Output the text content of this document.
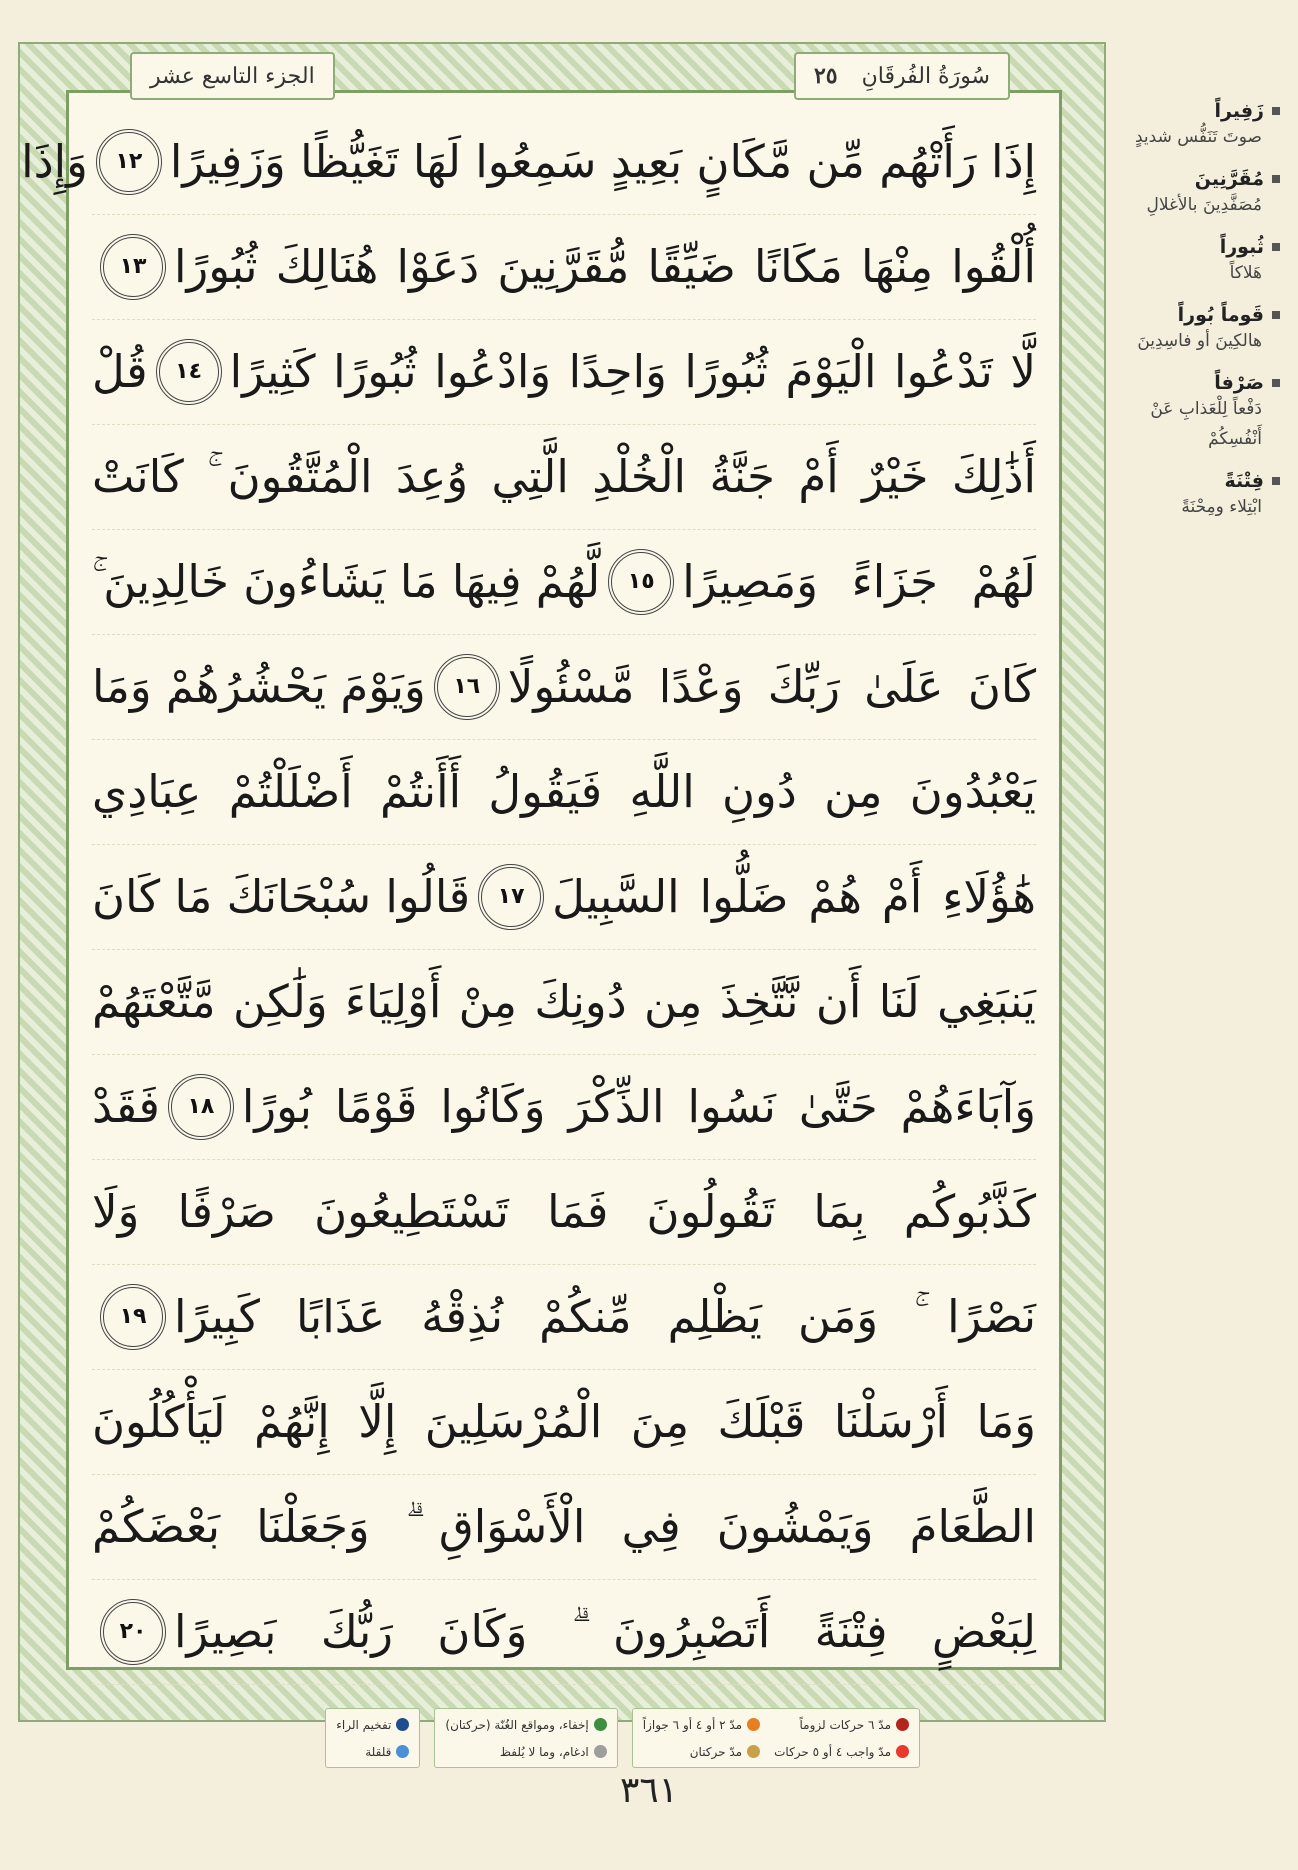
الجزء التاسع عشر	سُورَةُ الفُرقَانِ
٢٥
إِذَا رَأَتْهُم مِّن مَّكَانٍ بَعِيدٍ سَمِعُوا لَهَا تَغَيُّظًا وَزَفِيرًا
١٢
وَإِذَا
أُلْقُوا مِنْهَا مَكَانًا ضَيِّقًا مُّقَرَّنِينَ دَعَوْا هُنَالِكَ ثُبُورًا
١٣
لَّا تَدْعُوا الْيَوْمَ ثُبُورًا وَاحِدًا وَادْعُوا ثُبُورًا كَثِيرًا
١٤
قُلْ
أَذَٰلِكَ خَيْرٌ أَمْ جَنَّةُ الْخُلْدِ الَّتِي وُعِدَ الْمُتَّقُونَ ۚ كَانَتْ
لَهُمْ جَزَاءً وَمَصِيرًا
١٥
لَّهُمْ فِيهَا مَا يَشَاءُونَ خَالِدِينَ ۚ
كَانَ عَلَىٰ رَبِّكَ وَعْدًا مَّسْئُولًا
١٦
وَيَوْمَ يَحْشُرُهُمْ وَمَا
يَعْبُدُونَ مِن دُونِ اللَّهِ فَيَقُولُ أَأَنتُمْ أَضْلَلْتُمْ عِبَادِي
هَٰؤُلَاءِ أَمْ هُمْ ضَلُّوا السَّبِيلَ
١٧
قَالُوا سُبْحَانَكَ مَا كَانَ
يَنبَغِي لَنَا أَن نَّتَّخِذَ مِن دُونِكَ مِنْ أَوْلِيَاءَ وَلَٰكِن مَّتَّعْتَهُمْ
وَآبَاءَهُمْ حَتَّىٰ نَسُوا الذِّكْرَ وَكَانُوا قَوْمًا بُورًا
١٨
فَقَدْ
كَذَّبُوكُم بِمَا تَقُولُونَ فَمَا تَسْتَطِيعُونَ صَرْفًا وَلَا
نَصْرًا ۚ وَمَن يَظْلِم مِّنكُمْ نُذِقْهُ عَذَابًا كَبِيرًا
١٩
وَمَا أَرْسَلْنَا قَبْلَكَ مِنَ الْمُرْسَلِينَ إِلَّا إِنَّهُمْ لَيَأْكُلُونَ
الطَّعَامَ وَيَمْشُونَ فِي الْأَسْوَاقِ ۗ وَجَعَلْنَا بَعْضَكُمْ
لِبَعْضٍ فِتْنَةً أَتَصْبِرُونَ ۗ وَكَانَ رَبُّكَ بَصِيرًا
٢٠
زَفِيراً
صوتَ تَنَفُّس شديدٍ
مُقَرَّنِينَ
مُصَفَّدِينَ بالأغلالِ
ثُبوراً
هَلاكاً
قَوماً بُوراً
هالكِينَ أو فاسِدِينَ
صَرْفاً
دَفْعاً لِلْعَذابِ عَنْ أَنْفُسِكُمْ
فِتْنَةً
ابْتِلاء ومِحْنَةً
مدّ ٦ حركات لزوماً
مدّ ٢ أو ٤ أو ٦ جوازاً
مدّ واجب ٤ أو ٥ حركات
مدّ حركتان
إخفاء، ومواقع الغُنّة (حركتان)
ادغام، وما لا يُلفظ
تفخيم الراء
قلقلة
٣٦١
